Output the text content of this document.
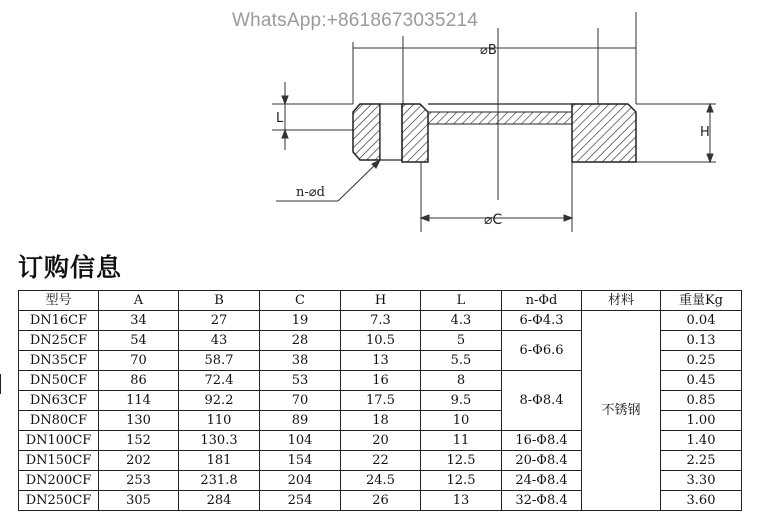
⌀B
⌀C
L
H
n-⌀d
WhatsApp:+8618673035214
订购信息
型号	A	B	C	H	L	n-Φd	材料	重量Kg
DN16CF	34	27	19	7.3	4.3	6-Φ4.3	不锈钢	0.04
DN25CF	54	43	28	10.5	5	6-Φ6.6		0.13
DN35CF	70	58.7	38	13	5.5			0.25
DN50CF	86	72.4	53	16	8	8-Φ8.4		0.45
DN63CF	114	92.2	70	17.5	9.5			0.85
DN80CF	130	110	89	18	10			1.00
DN100CF	152	130.3	104	20	11	16-Φ8.4		1.40
DN150CF	202	181	154	22	12.5	20-Φ8.4		2.25
DN200CF	253	231.8	204	24.5	12.5	24-Φ8.4		3.30
DN250CF	305	284	254	26	13	32-Φ8.4		3.60
